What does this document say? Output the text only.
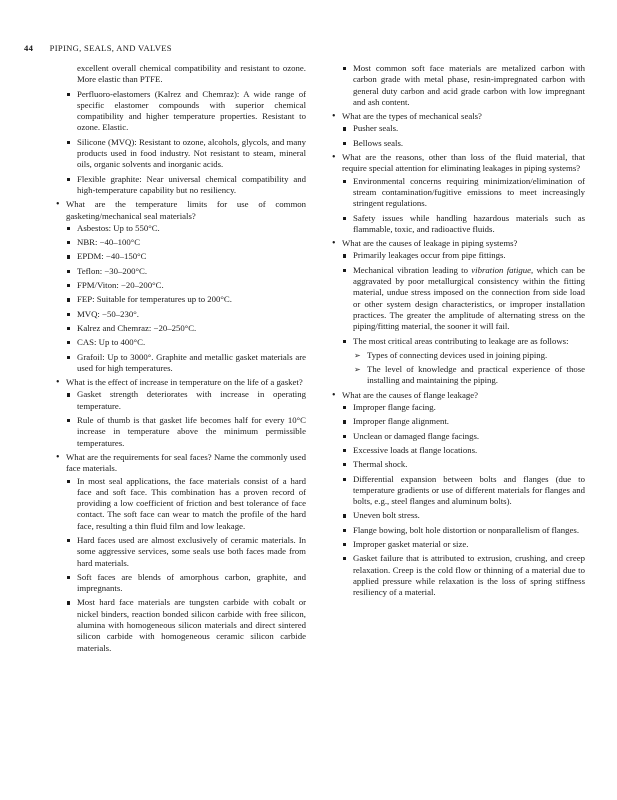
44 PIPING, SEALS, AND VALVES

excellent overall chemical compatibility and resistant to ozone. More elastic than PTFE.

Perfluoro-elastomers (Kalrez and Chemraz): A wide range of specific elastomer compounds with superior chemical compatibility and higher temperature properties. Resistant to ozone. Elastic.

Silicone (MVQ): Resistant to ozone, alcohols, glycols, and many products used in food industry. Not resistant to steam, mineral oils, organic solvents and inorganic acids.

Flexible graphite: Near universal chemical compatibility and high-temperature capability but no resiliency.

• What are the temperature limits for use of common gasketing/mechanical seal materials?

Asbestos: Up to 550°C.

NBR: −40–100°C

EPDM: −40–150°C

Teflon: −30–200°C.

FPM/Viton: −20–200°C.

FEP: Suitable for temperatures up to 200°C.

MVQ: −50–230°.

Kalrez and Chemraz: −20–250°C.

CAS: Up to 400°C.

Grafoil: Up to 3000°. Graphite and metallic gasket materials are used for high temperatures.

• What is the effect of increase in temperature on the life of a gasket?

Gasket strength deteriorates with increase in operating temperature.

Rule of thumb is that gasket life becomes half for every 10°C increase in temperature above the minimum permissible temperatures.

• What are the requirements for seal faces? Name the commonly used face materials.

In most seal applications, the face materials consist of a hard face and soft face. This combination has a proven record of providing a low coefficient of friction and best tolerance of face contact. The soft face can wear to match the profile of the hard face, resulting a thin fluid film and low leakage.

Hard faces used are almost exclusively of ceramic materials. In some aggressive services, some seals use both faces made from hard materials.

Soft faces are blends of amorphous carbon, graphite, and impregnants.

Most hard face materials are tungsten carbide with cobalt or nickel binders, reaction bonded silicon carbide with free silicon, alumina with homogeneous silicon materials and direct sintered silicon carbide with homogeneous ceramic silicon carbide materials.

Most common soft face materials are metalized carbon with carbon grade with metal phase, resin-impregnated carbon with general duty carbon and acid grade carbon with low impregnant and ash content.

• What are the types of mechanical seals?

Pusher seals.

Bellows seals.

• What are the reasons, other than loss of the fluid material, that require special attention for eliminating leakages in piping systems?

Environmental concerns requiring minimization/elimination of stream contamination/fugitive emissions to meet increasingly stringent regulations.

Safety issues while handling hazardous materials such as flammable, toxic, and radioactive fluids.

• What are the causes of leakage in piping systems?

Primarily leakages occur from pipe fittings.

Mechanical vibration leading to vibration fatigue, which can be aggravated by poor metallurgical consistency within the fitting material, undue stress imposed on the connection from side load or other system design characteristics, or improper installation practices. The greater the amplitude of alternating stress on the piping/fitting material, the sooner it will fail.

The most critical areas contributing to leakage are as follows:

➢ Types of connecting devices used in joining piping.

➢ The level of knowledge and practical experience of those installing and maintaining the piping.

• What are the causes of flange leakage?

Improper flange facing.

Improper flange alignment.

Unclean or damaged flange facings.

Excessive loads at flange locations.

Thermal shock.

Differential expansion between bolts and flanges (due to temperature gradients or use of different materials for flanges and bolts, e.g., steel flanges and aluminum bolts).

Uneven bolt stress.

Flange bowing, bolt hole distortion or nonparallelism of flanges.

Improper gasket material or size.

Gasket failure that is attributed to extrusion, crushing, and creep relaxation. Creep is the cold flow or thinning of a material due to applied pressure while relaxation is the loss of spring stiffness resiliency of a material.
